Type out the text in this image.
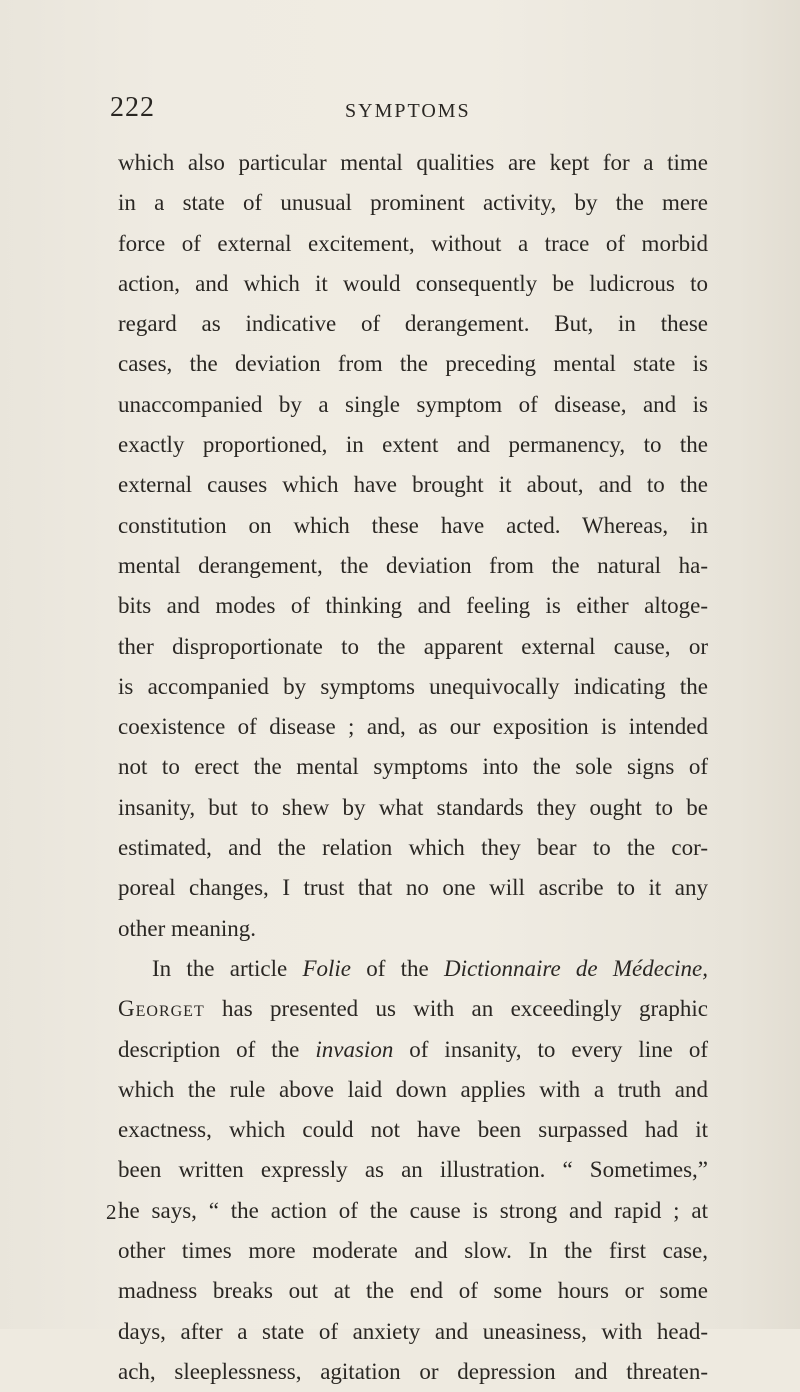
222	SYMPTOMS
which also particular mental qualities are kept for a time
in a state of unusual prominent activity, by the mere
force of external excitement, without a trace of morbid
action, and which it would consequently be ludicrous to
regard as indicative of derangement. But, in these
cases, the deviation from the preceding mental state is
unaccompanied by a single symptom of disease, and is
exactly proportioned, in extent and permanency, to the
external causes which have brought it about, and to the
constitution on which these have acted. Whereas, in
mental derangement, the deviation from the natural ha-
bits and modes of thinking and feeling is either altoge-
ther disproportionate to the apparent external cause, or
is accompanied by symptoms unequivocally indicating the
coexistence of disease ; and, as our exposition is intended
not to erect the mental symptoms into the sole signs of
insanity, but to shew by what standards they ought to be
estimated, and the relation which they bear to the cor-
poreal changes, I trust that no one will ascribe to it any
other meaning.
In the article Folie of the Dictionnaire de Médecine,
Georget has presented us with an exceedingly graphic
description of the invasion of insanity, to every line of
which the rule above laid down applies with a truth and
exactness, which could not have been surpassed had it
been written expressly as an illustration. “ Sometimes,”
he says, “ the action of the cause is strong and rapid ; at
other times more moderate and slow. In the first case,
madness breaks out at the end of some hours or some
days, after a state of anxiety and uneasiness, with head-
ach, sleeplessness, agitation or depression and threaten-
2
